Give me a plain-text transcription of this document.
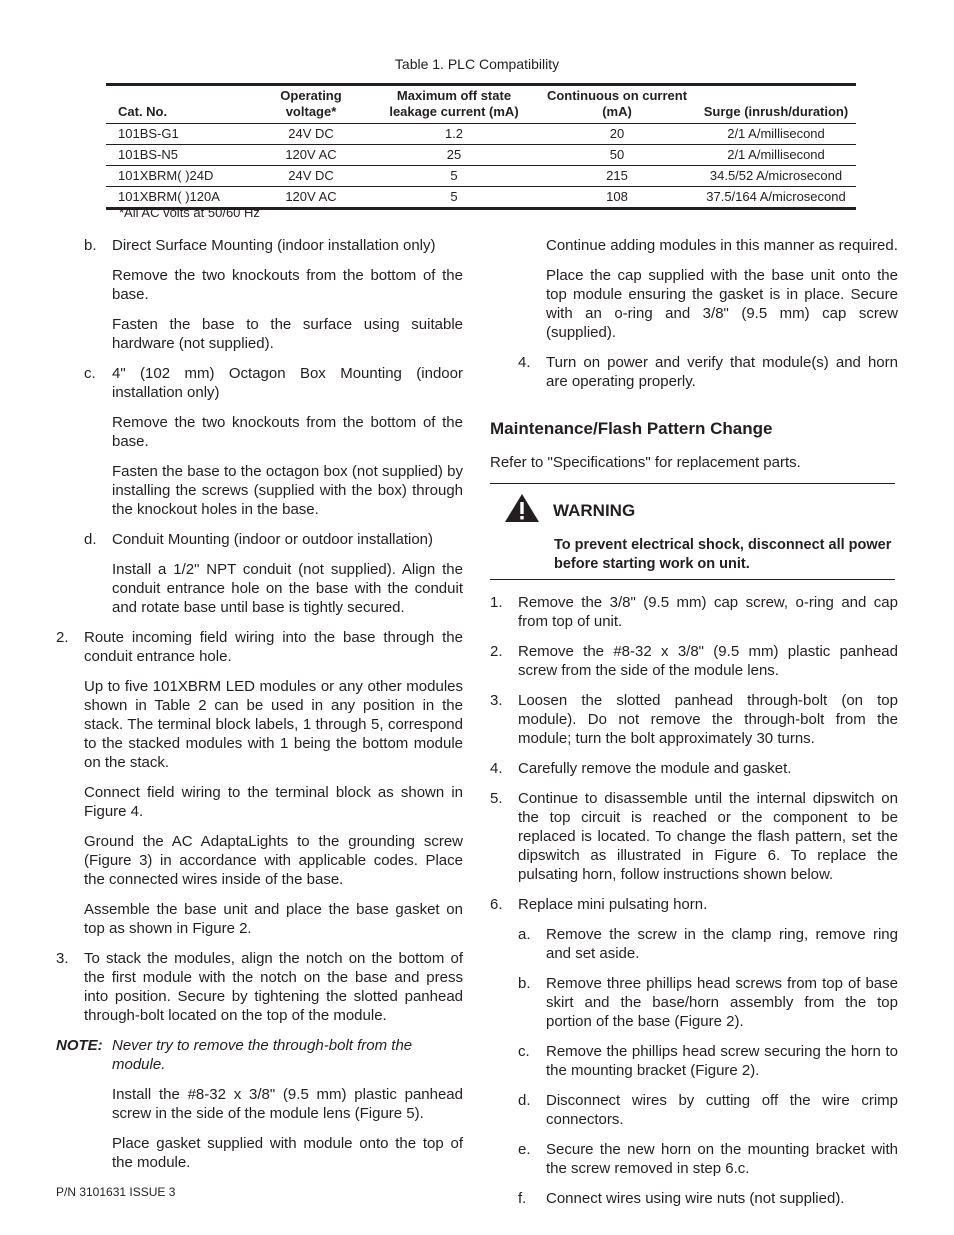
Table 1. PLC Compatibility
Cat. No.	Operating voltage*	Maximum off state leakage current (mA)	Continuous on current (mA)	Surge (inrush/duration)
101BS-G1	24V DC	1.2	20	2/1 A/millisecond
101BS-N5	120V AC	25	50	2/1 A/millisecond
101XBRM( )24D	24V DC	5	215	34.5/52 A/microsecond
101XBRM( )120A	120V AC	5	108	37.5/164 A/microsecond
*All AC volts at 50/60 Hz
b.	Direct Surface Mounting (indoor installation only)
Remove the two knockouts from the bottom of the base.
Fasten the base to the surface using suitable hardware (not supplied).
c.	4" (102 mm) Octagon Box Mounting (indoor installation only)
Remove the two knockouts from the bottom of the base.
Fasten the base to the octagon box (not supplied) by installing the screws (supplied with the box) through the knockout holes in the base.
d.	Conduit Mounting (indoor or outdoor installation)
Install a 1/2" NPT conduit (not supplied). Align the conduit entrance hole on the base with the conduit and rotate base until base is tightly secured.
2.	Route incoming field wiring into the base through the conduit entrance hole.
Up to five 101XBRM LED modules or any other modules shown in Table 2 can be used in any position in the stack. The terminal block labels, 1 through 5, correspond to the stacked modules with 1 being the bottom module on the stack.
Connect field wiring to the terminal block as shown in Figure 4.
Ground the AC AdaptaLights to the grounding screw (Figure 3) in accordance with applicable codes. Place the connected wires inside of the base.
Assemble the base unit and place the base gasket on top as shown in Figure 2.
3.	To stack the modules, align the notch on the bottom of the first module with the notch on the base and press into position. Secure by tightening the slotted panhead through-bolt located on the top of the module.
NOTE: Never try to remove the through-bolt from the module.
Install the #8-32 x 3/8" (9.5 mm) plastic panhead screw in the side of the module lens (Figure 5).
Place gasket supplied with module onto the top of the module.
Continue adding modules in this manner as required.
Place the cap supplied with the base unit onto the top module ensuring the gasket is in place. Secure with an o-ring and 3/8" (9.5 mm) cap screw (supplied).
4.	Turn on power and verify that module(s) and horn are operating properly.
Maintenance/Flash Pattern Change
Refer to "Specifications" for replacement parts.
WARNING
To prevent electrical shock, disconnect all power before starting work on unit.
1.	Remove the 3/8" (9.5 mm) cap screw, o-ring and cap from top of unit.
2.	Remove the #8-32 x 3/8" (9.5 mm) plastic panhead screw from the side of the module lens.
3.	Loosen the slotted panhead through-bolt (on top module). Do not remove the through-bolt from the module; turn the bolt approximately 30 turns.
4.	Carefully remove the module and gasket.
5.	Continue to disassemble until the internal dipswitch on the top circuit is reached or the component to be replaced is located. To change the flash pattern, set the dipswitch as illustrated in Figure 6. To replace the pulsating horn, follow instructions shown below.
6.	Replace mini pulsating horn.
a.	Remove the screw in the clamp ring, remove ring and set aside.
b.	Remove three phillips head screws from top of base skirt and the base/horn assembly from the top portion of the base (Figure 2).
c.	Remove the phillips head screw securing the horn to the mounting bracket (Figure 2).
d.	Disconnect wires by cutting off the wire crimp connectors.
e.	Secure the new horn on the mounting bracket with the screw removed in step 6.c.
f.	Connect wires using wire nuts (not supplied).
P/N 3101631 ISSUE 3
